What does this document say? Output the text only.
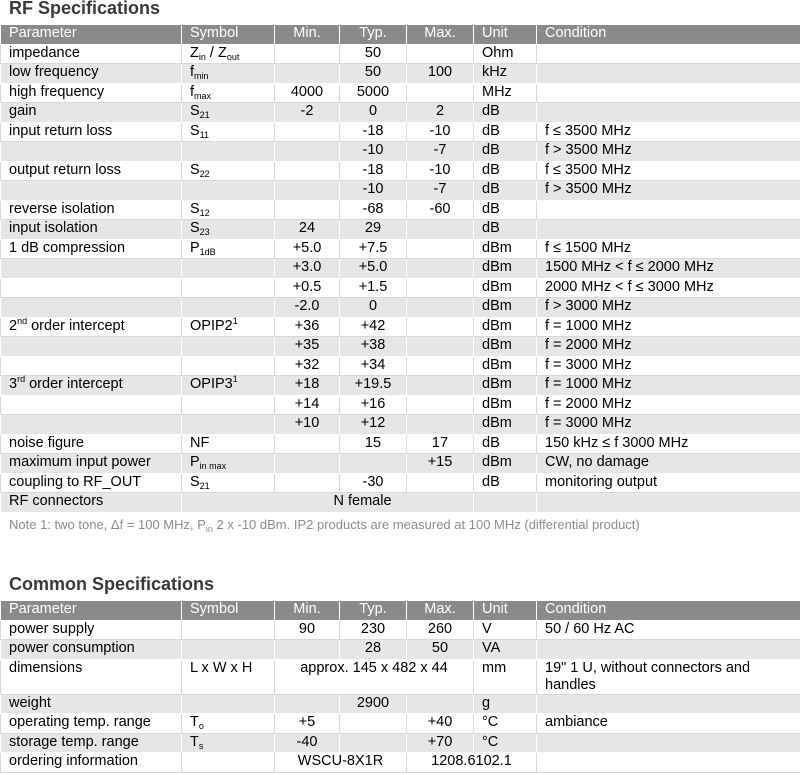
RF Specifications
Parameter	Symbol	Min.	Typ.	Max.	Unit	Condition
impedance	$Z_{in} / Z_{out}$		50		Ohm	
low frequency	$f_{min}$		50	100	kHz	
high frequency	$f_{max}$	4000	5000		MHz	
gain	$S_{21}$	-2	0	2	dB	
input return loss	$S_{11}$		-18	-10	dB	f ≤ 3500 MHz
			-10	-7	dB	f > 3500 MHz
output return loss	$S_{22}$		-18	-10	dB	f ≤ 3500 MHz
			-10	-7	dB	f > 3500 MHz
reverse isolation	$S_{12}$		-68	-60	dB	
input isolation	$S_{23}$	24	29		dB	
1 dB compression	$P_{1dB}$	+5.0	+7.5		dBm	f ≤ 1500 MHz
		+3.0	+5.0		dBm	1500 MHz < f ≤ 2000 MHz
		+0.5	+1.5		dBm	2000 MHz < f ≤ 3000 MHz
		-2.0	0		dBm	f > 3000 MHz
2nd order intercept	$OPIP2^1$	+36	+42		dBm	f = 1000 MHz
		+35	+38		dBm	f = 2000 MHz
		+32	+34		dBm	f = 3000 MHz
3rd order intercept	$OPIP3^1$	+18	+19.5		dBm	f = 1000 MHz
		+14	+16		dBm	f = 2000 MHz
		+10	+12		dBm	f = 3000 MHz
noise figure	NF		15	17	dB	150 kHz ≤ f 3000 MHz
maximum input power	$P_{in max}$			+15	dBm	CW, no damage
coupling to RF_OUT	$S_{21}$		-30		dB	monitoring output
RF connectors	N female					
Note 1: two tone, Δf = 100 MHz, $P_{in}$ 2 x -10 dBm. IP2 products are measured at 100 MHz (differential product)
Common Specifications
Parameter	Symbol	Min.	Typ.	Max.	Unit	Condition
power supply		90	230	260	V	50 / 60 Hz AC
power consumption			28	50	VA	
dimensions	L x W x H	approx. 145 x 482 x 44			mm	19" 1 U, without connectors and handles
weight			2900		g	
operating temp. range	$T_o$	+5		+40	°C	ambiance
storage temp. range	$T_s$	-40		+70	°C	
ordering information		WSCU-8X1R		1208.6102.1		
